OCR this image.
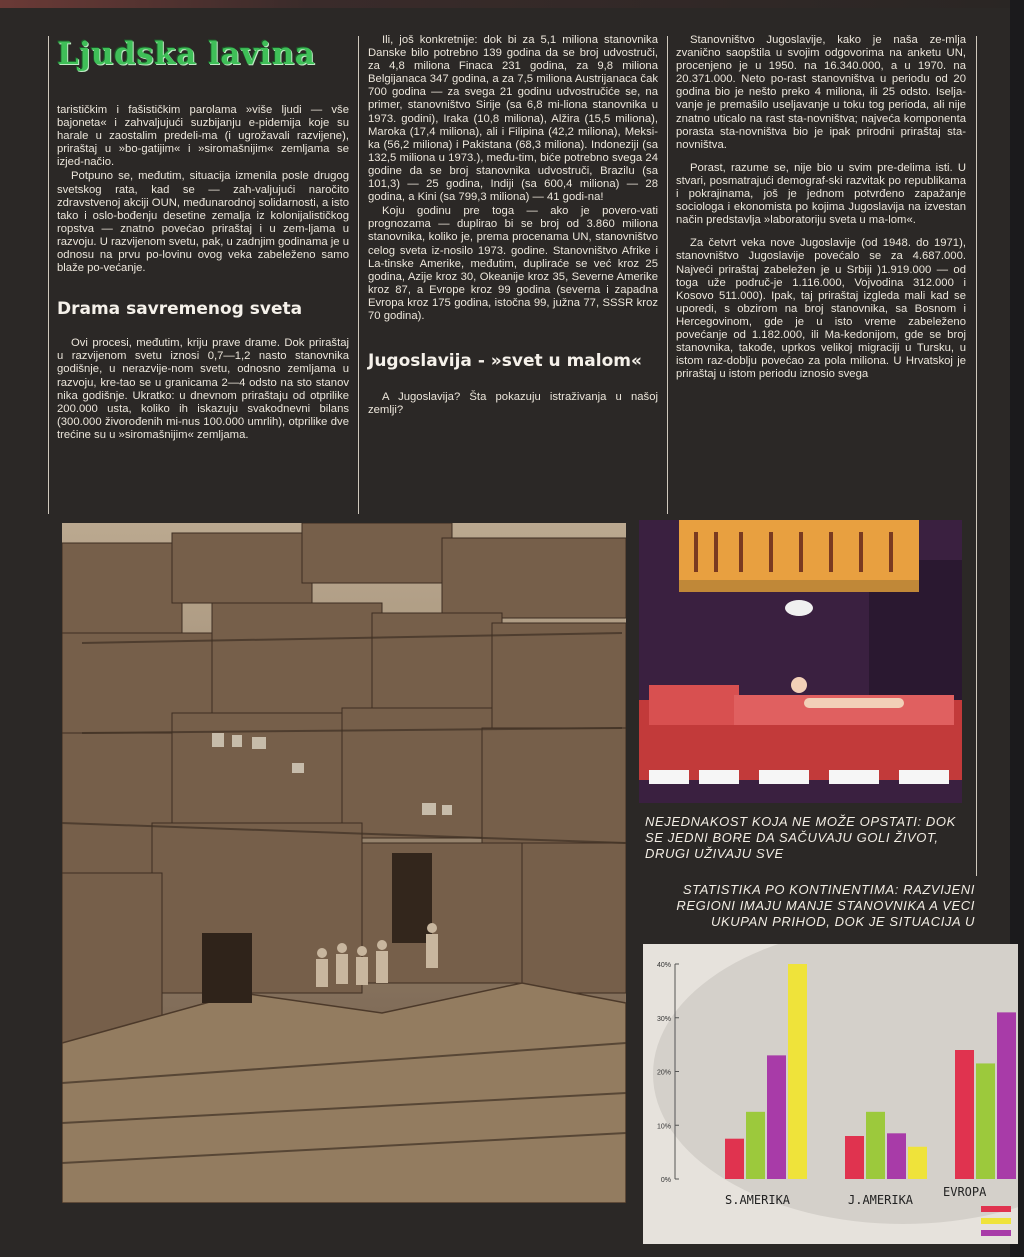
Ljudska lavina

tarističkim i fašističkim parolama »više ljudi — vše bajoneta« i zahvaljujući suzbijanju e-pidemija koje su harale u zaostalim predeli-ma (i ugrožavali razvijene), priraštaj u »bo-gatijim« i »siromašnijim« zemljama se izjed-načio.

Potpuno se, međutim, situacija izmenila posle drugog svetskog rata, kad se — zah-valjujući naročito zdravstvenoj akciji OUN, međunarodnoj solidarnosti, a isto tako i oslo-bođenju desetine zemalja iz kolonijalističkog ropstva — znatno povećao priraštaj i u zem-ljama u razvoju. U razvijenom svetu, pak, u zadnjim godinama je u odnosu na prvu po-lovinu ovog veka zabeleženo samo blaže po-većanje.

Drama savremenog sveta

Ovi procesi, međutim, kriju prave drame. Dok priraštaj u razvijenom svetu iznosi 0,7—1,2 nasto stanovnika godišnje, u nerazvije-nom svetu, odnosno zemljama u razvoju, kre-tao se u granicama 2—4 odsto na sto stanov nika godišnje. Ukratko: u dnevnom priraštaju od otprilike 200.000 usta, koliko ih iskazuju svakodnevni bilans (300.000 živorođenih mi-nus 100.000 umrlih), otprilike dve trećine su u »siromašnijim« zemljama.

Ili, još konkretnije: dok bi za 5,1 miliona stanovnika Danske bilo potrebno 139 godina da se broj udvostruči, za 4,8 miliona Finaca 231 godina, za 9,8 miliona Belgijanaca 347 godina, a za 7,5 miliona Austrijanaca čak 700 godina — za svega 21 godinu udvostručiće se, na primer, stanovništvo Sirije (sa 6,8 mi-liona stanovnika u 1973. godini), Iraka (10,8 miliona), Alžira (15,5 miliona), Maroka (17,4 miliona), ali i Filipina (42,2 miliona), Meksi-ka (56,2 miliona) i Pakistana (68,3 miliona). Indoneziji (sa 132,5 miliona u 1973.), među-tim, biće potrebno svega 24 godine da se broj stanovnika udvostruči, Brazilu (sa 101,3) — 25 godina, Indiji (sa 600,4 miliona) — 28 godina, a Kini (sa 799,3 miliona) — 41 godi-na!

Koju godinu pre toga — ako je povero-vati prognozama — duplirao bi se broj od 3.860 miliona stanovnika, koliko je, prema procenama UN, stanovništvo celog sveta iz-nosilo 1973. godine. Stanovništvo Afrike i La-tinske Amerike, međutim, dupliraće se već kroz 25 godina, Azije kroz 30, Okeanije kroz 35, Severne Amerike kroz 87, a Evrope kroz 99 godina (severna i zapadna Evropa kroz 175 godina, istočna 99, južna 77, SSSR kroz 70 godina).

Jugoslavija - »svet u malom«

A Jugoslavija? Šta pokazuju istraživanja u našoj zemlji?

Stanovništvo Jugoslavije, kako je naša ze-mlja zvanično saopštila u svojim odgovorima na anketu UN, procenjeno je u 1950. na 16.340.000, a u 1970. na 20.371.000. Neto po-rast stanovništva u periodu od 20 godina bio je nešto preko 4 miliona, ili 25 odsto. Iselja-vanje je premašilo useljavanje u toku tog perioda, ali nije znatno uticalo na rast sta-novništva; najveća komponenta porasta sta-novništva bio je ipak prirodni priraštaj sta-novništva.

Porast, razume se, nije bio u svim pre-delima isti. U stvari, posmatrajući demograf-ski razvitak po republikama i pokrajinama, još je jednom potvrđeno zapažanje sociologa i ekonomista po kojima Jugoslavija na izvestan način predstavlja »laboratoriju sveta u ma-lom«.

Za četvrt veka nove Jugoslavije (od 1948. do 1971), stanovništvo Jugoslavije povećalo se za 4.687.000. Najveći priraštaj zabeležen je u Srbiji )1.919.000 — od toga uže područ-je 1.116.000, Vojvodina 312.000 i Kosovo 511.000). Ipak, taj priraštaj izgleda mali kad se uporedi, s obzirom na broj stanovnika, sa Bosnom i Hercegovinom, gde je u isto vreme zabeleženo povećanje od 1.182.000, ili Ma-kedonijom, gde se broj stanovnika, takođe, uprkos velikoj migraciji u Tursku, u istom raz-doblju povećao za pola miliona. U Hrvatskoj je priraštaj u istom periodu iznosio svega

NEJEDNAKOST KOJA NE MOŽE OPSTATI: DOK SE JEDNI BORE DA SAČUVAJU GOLI ŽIVOT, DRUGI UŽIVAJU SVE
STATISTIKA PO KONTINENTIMA: RAZVIJENI REGIONI IMAJU MANJE STANOVNIKA A VECI UKUPAN PRIHOD, DOK JE SITUACIJA U
0%
10%
20%
30%
40%
S.AMERIKA	J.AMERIKA
EVROPA
